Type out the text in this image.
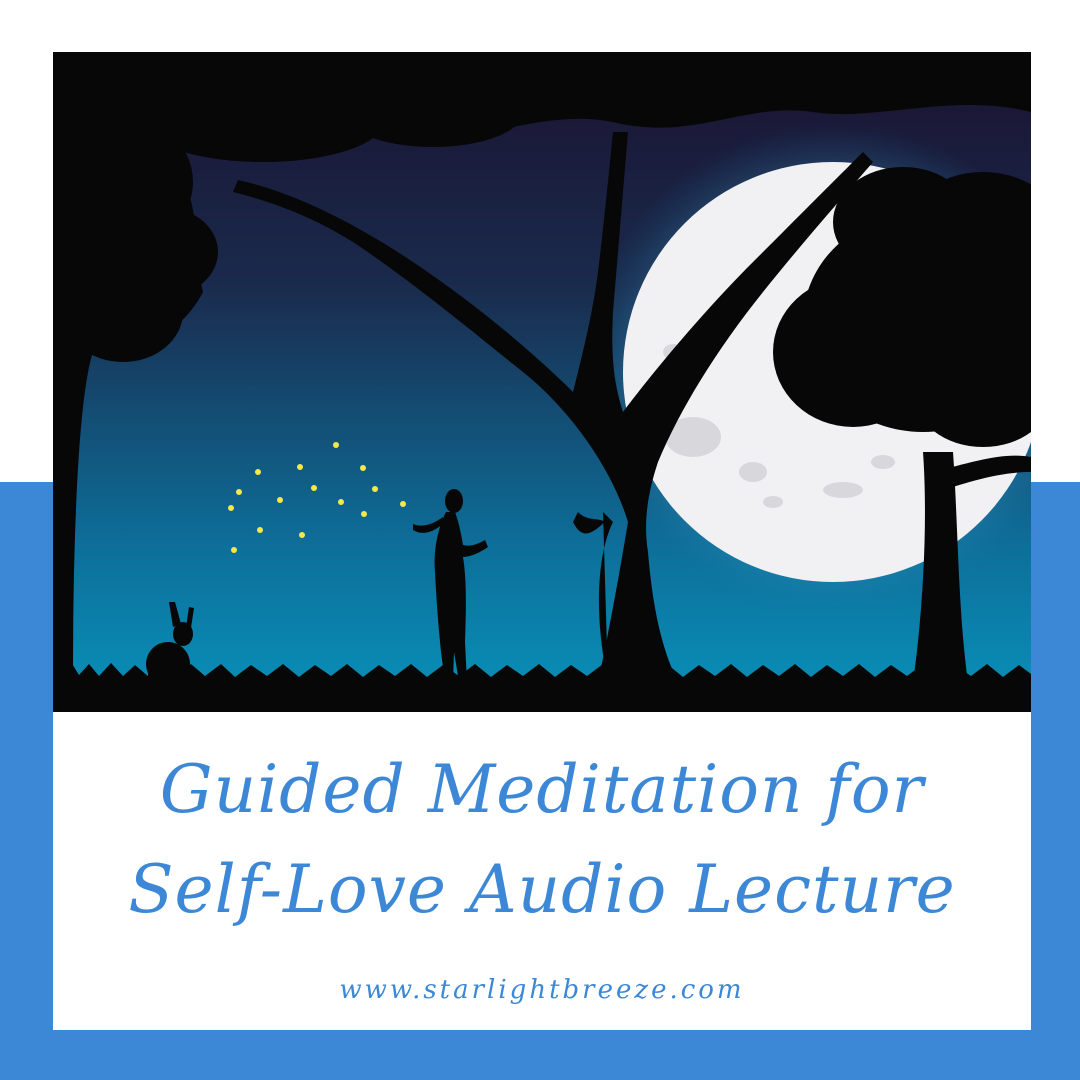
Guided Meditation for
Self-Love Audio Lecture
www.starlightbreeze.com
